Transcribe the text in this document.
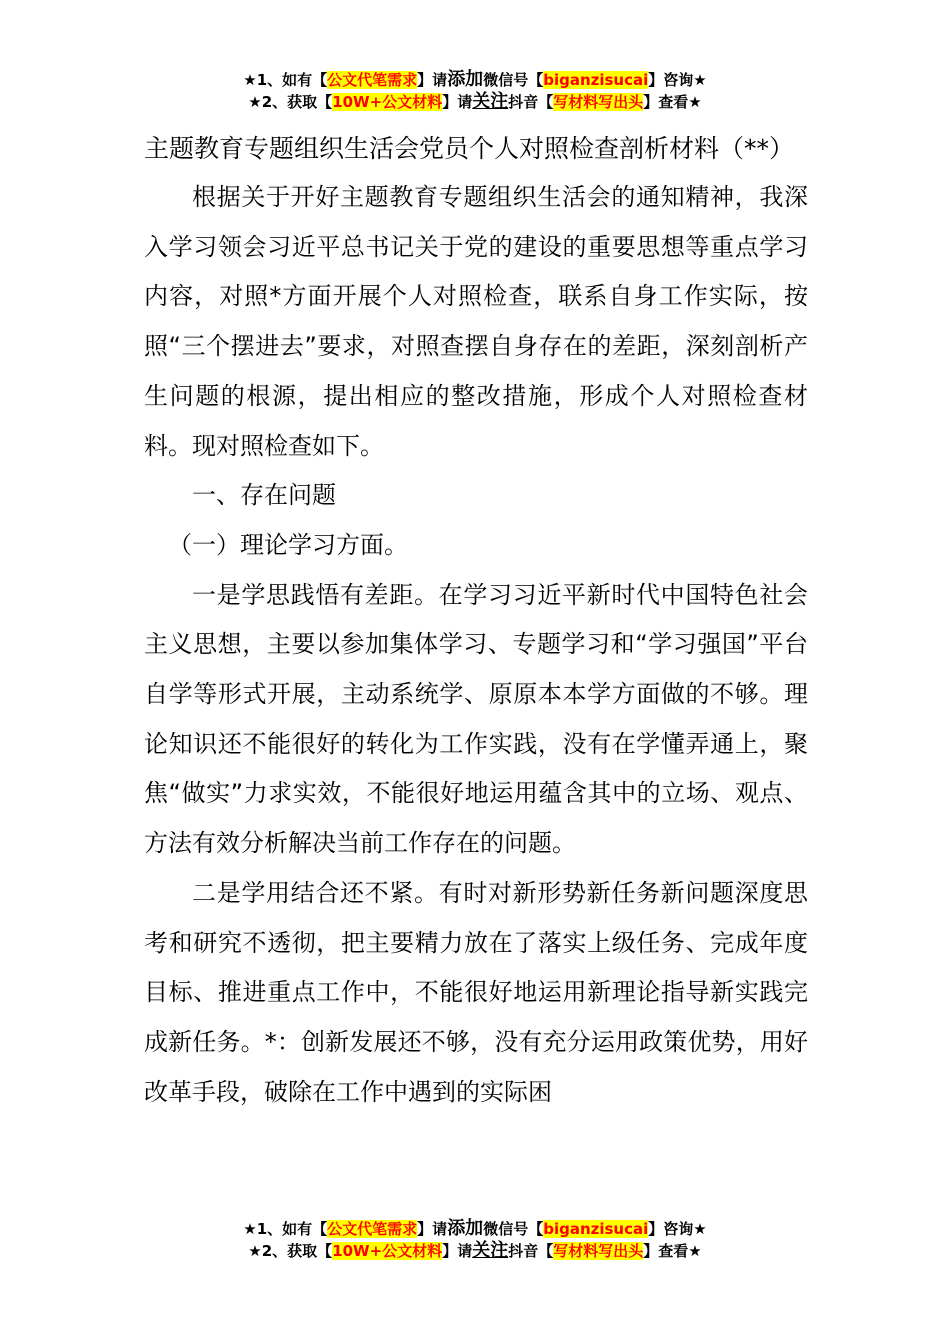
★1、如有【公文代笔需求】请添加微信号【biganzisucai】咨询★
★2、获取【10W+公文材料】请关注抖音【写材料写出头】查看★
主题教育专题组织生活会党员个人对照检查剖析材料（**）

根据关于开好主题教育专题组织生活会的通知精神，我深入学习领会习近平总书记关于党的建设的重要思想等重点学习内容，对照*方面开展个人对照检查，联系自身工作实际，按照“三个摆进去”要求，对照查摆自身存在的差距，深刻剖析产生问题的根源，提出相应的整改措施，形成个人对照检查材料。现对照检查如下。

一、存在问题

（一）理论学习方面。

一是学思践悟有差距。在学习习近平新时代中国特色社会主义思想，主要以参加集体学习、专题学习和“学习强国”平台自学等形式开展，主动系统学、原原本本学方面做的不够。理论知识还不能很好的转化为工作实践，没有在学懂弄通上，聚焦“做实”力求实效，不能很好地运用蕴含其中的立场、观点、方法有效分析解决当前工作存在的问题。

二是学用结合还不紧。有时对新形势新任务新问题深度思考和研究不透彻，把主要精力放在了落实上级任务、完成年度目标、推进重点工作中，不能很好地运用新理论指导新实践完成新任务。*：创新发展还不够，没有充分运用政策优势，用好改革手段，破除在工作中遇到的实际困

★1、如有【公文代笔需求】请添加微信号【biganzisucai】咨询★
★2、获取【10W+公文材料】请关注抖音【写材料写出头】查看★
